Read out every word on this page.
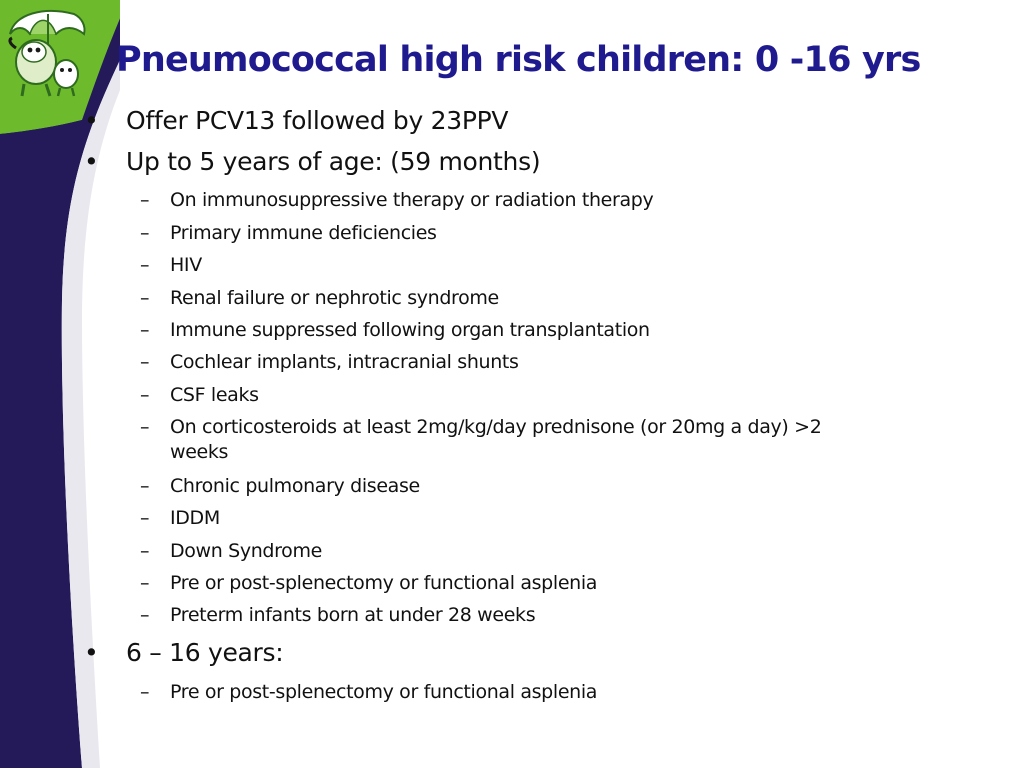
Pneumococcal high risk children: 0 -16 yrs
• Offer PCV13 followed by 23PPV
• Up to 5 years of age: (59 months)
– On immunosuppressive therapy or radiation therapy
– Primary immune deficiencies
– HIV
– Renal failure or nephrotic syndrome
– Immune suppressed following organ transplantation
– Cochlear implants, intracranial shunts
– CSF leaks
– On corticosteroids at least 2mg/kg/day prednisone (or 20mg a day) >2
weeks
– Chronic pulmonary disease
– IDDM
– Down Syndrome
– Pre or post-splenectomy or functional asplenia
– Preterm infants born at under 28 weeks
• 6 – 16 years:
– Pre or post-splenectomy or functional asplenia
